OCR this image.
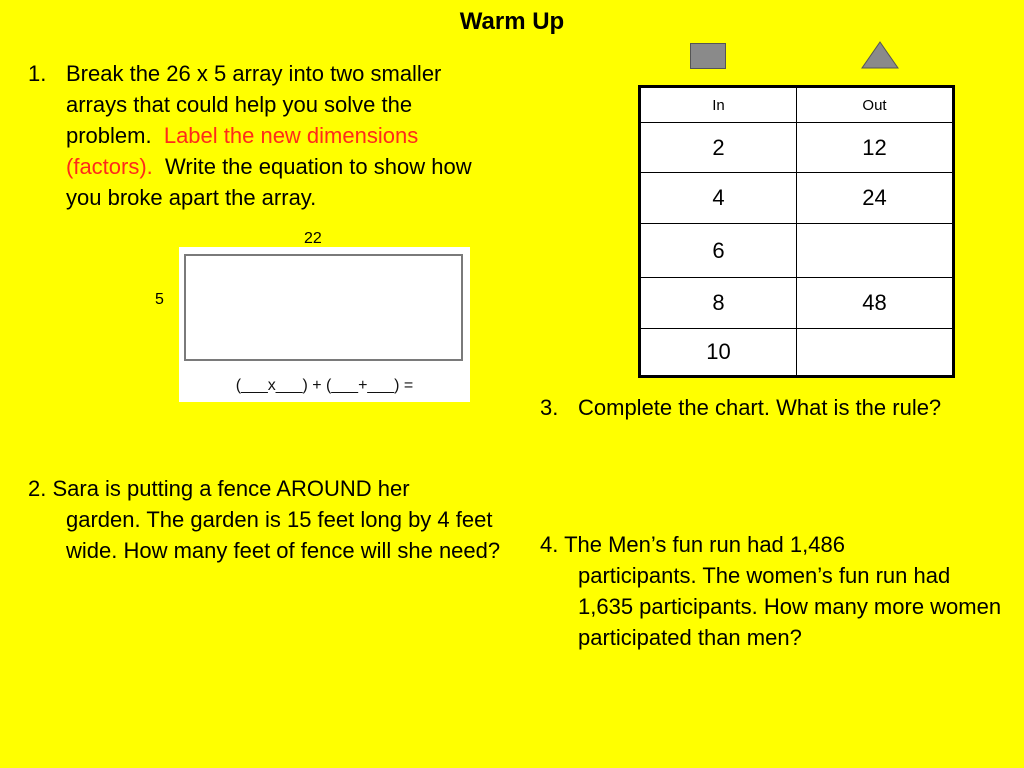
Warm Up
1. Break the 26 x 5 array into two smaller arrays that could help you solve the problem. Label the new dimensions (factors). Write the equation to show how you broke apart the array.
22
5
(___x___) + (___+___) =
2. Sara is putting a fence AROUND her
garden. The garden is 15 feet long by 4 feet wide. How many feet of fence will she need?
In	Out
2	12
4	24
6	
8	48
10	
3. Complete the chart. What is the rule?
4. The Men’s fun run had 1,486
participants. The women’s fun run had 1,635 participants. How many more women participated than men?
